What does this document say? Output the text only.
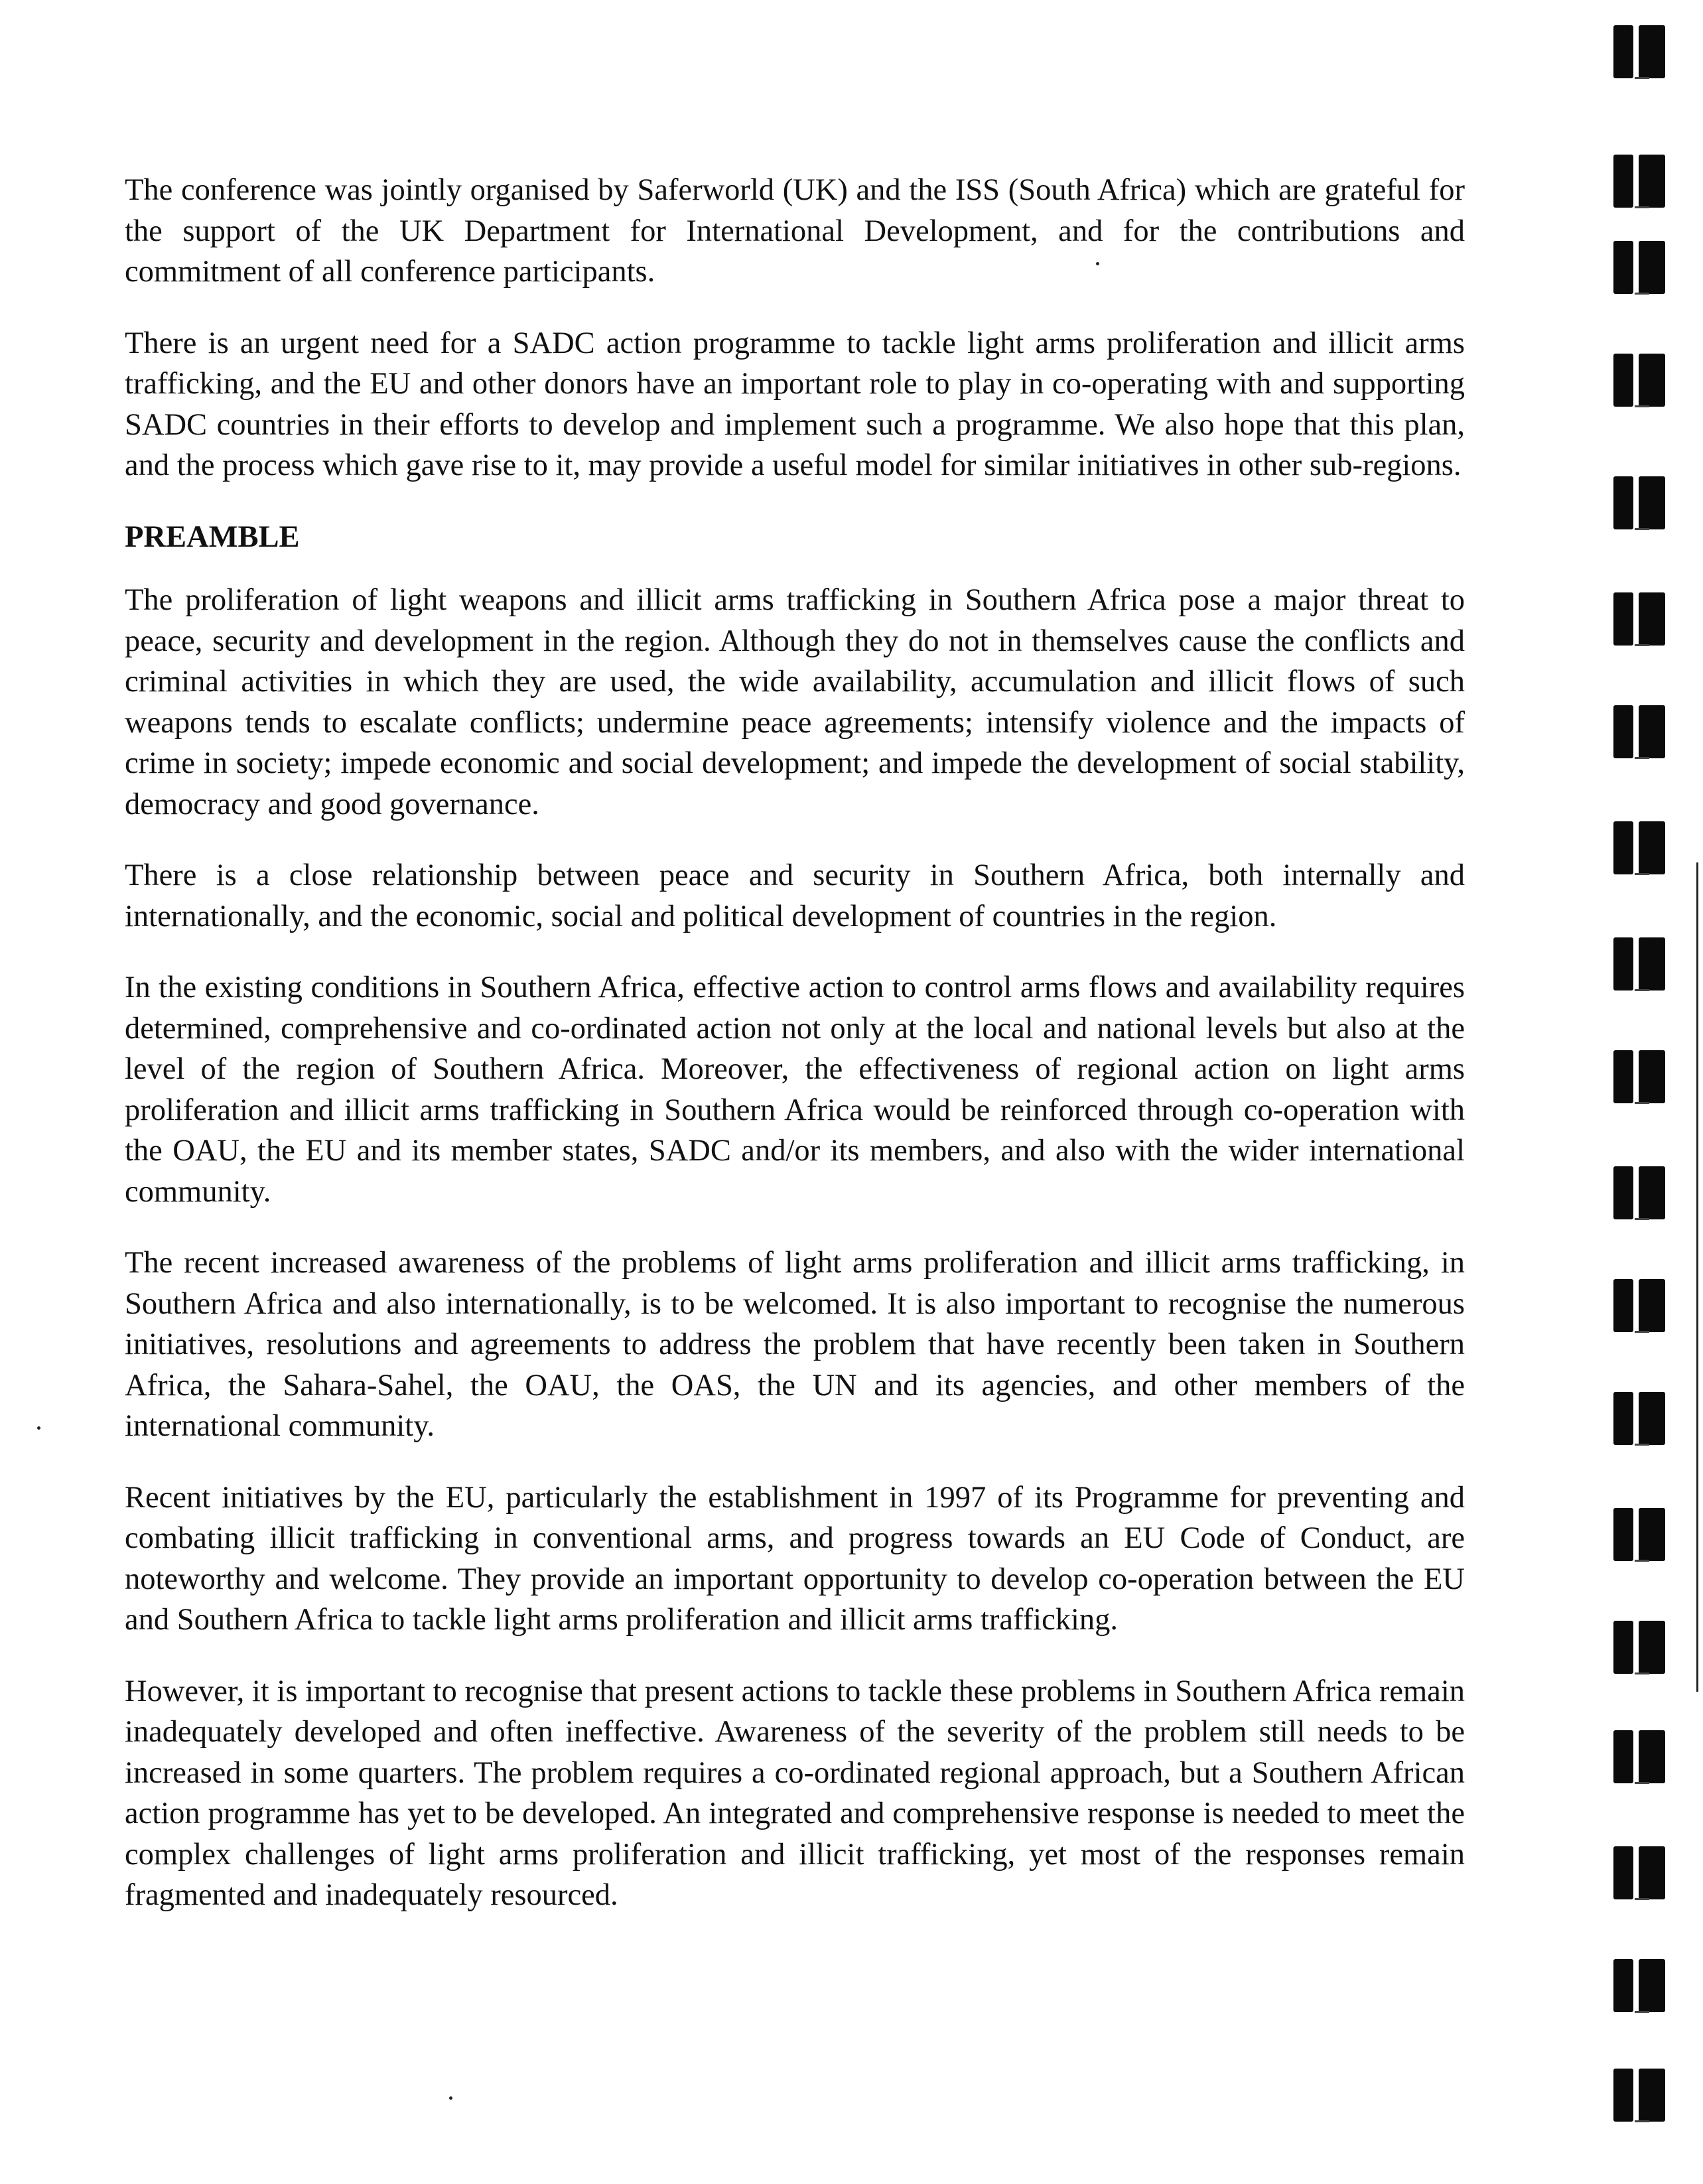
The conference was jointly organised by Saferworld (UK) and the ISS (South Africa) which are grateful for the support of the UK Department for International Development, and for the contributions and commitment of all conference participants.

There is an urgent need for a SADC action programme to tackle light arms proliferation and illicit arms trafficking, and the EU and other donors have an important role to play in co-operating with and supporting SADC countries in their efforts to develop and implement such a programme. We also hope that this plan, and the process which gave rise to it, may provide a useful model for similar initiatives in other sub-regions.

PREAMBLE

The proliferation of light weapons and illicit arms trafficking in Southern Africa pose a major threat to peace, security and development in the region. Although they do not in themselves cause the conflicts and criminal activities in which they are used, the wide availability, accumulation and illicit flows of such weapons tends to escalate conflicts; undermine peace agreements; intensify violence and the impacts of crime in society; impede economic and social development; and impede the development of social stability, democracy and good governance.

There is a close relationship between peace and security in Southern Africa, both internally and internationally, and the economic, social and political development of countries in the region.

In the existing conditions in Southern Africa, effective action to control arms flows and availability requires determined, comprehensive and co-ordinated action not only at the local and national levels but also at the level of the region of Southern Africa. Moreover, the effectiveness of regional action on light arms proliferation and illicit arms trafficking in Southern Africa would be reinforced through co-operation with the OAU, the EU and its member states, SADC and/or its members, and also with the wider international community.

The recent increased awareness of the problems of light arms proliferation and illicit arms trafficking, in Southern Africa and also internationally, is to be welcomed. It is also important to recognise the numerous initiatives, resolutions and agreements to address the problem that have recently been taken in Southern Africa, the Sahara-Sahel, the OAU, the OAS, the UN and its agencies, and other members of the international community.

Recent initiatives by the EU, particularly the establishment in 1997 of its Programme for preventing and combating illicit trafficking in conventional arms, and progress towards an EU Code of Conduct, are noteworthy and welcome. They provide an important opportunity to develop co-operation between the EU and Southern Africa to tackle light arms proliferation and illicit arms trafficking.

However, it is important to recognise that present actions to tackle these problems in Southern Africa remain inadequately developed and often ineffective. Awareness of the severity of the problem still needs to be increased in some quarters. The problem requires a co-ordinated regional approach, but a Southern African action programme has yet to be developed. An integrated and comprehensive response is needed to meet the complex challenges of light arms proliferation and illicit trafficking, yet most of the responses remain fragmented and inadequately resourced.
